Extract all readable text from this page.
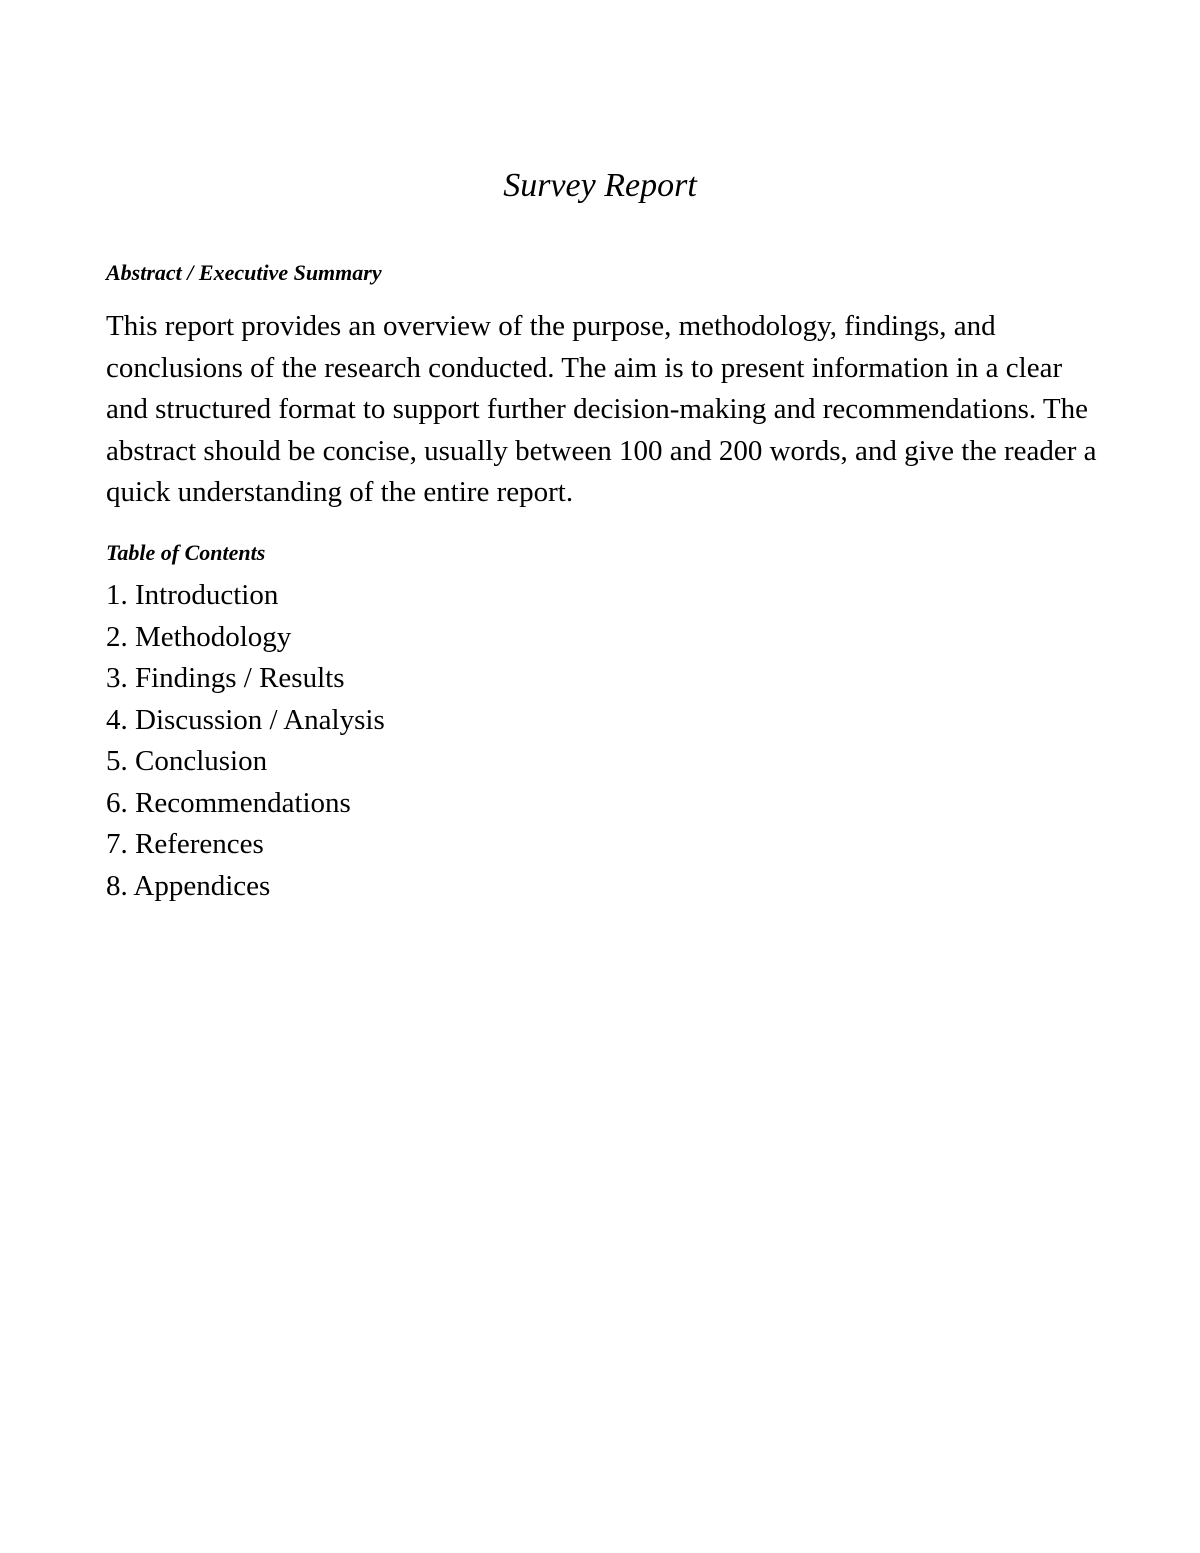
Survey Report
Abstract / Executive Summary

This report provides an overview of the purpose, methodology, findings, and conclusions of the research conducted. The aim is to present information in a clear and structured format to support further decision-making and recommendations. The abstract should be concise, usually between 100 and 200 words, and give the reader a quick understanding of the entire report.

Table of Contents
1. Introduction
2. Methodology
3. Findings / Results
4. Discussion / Analysis
5. Conclusion
6. Recommendations
7. References
8. Appendices
